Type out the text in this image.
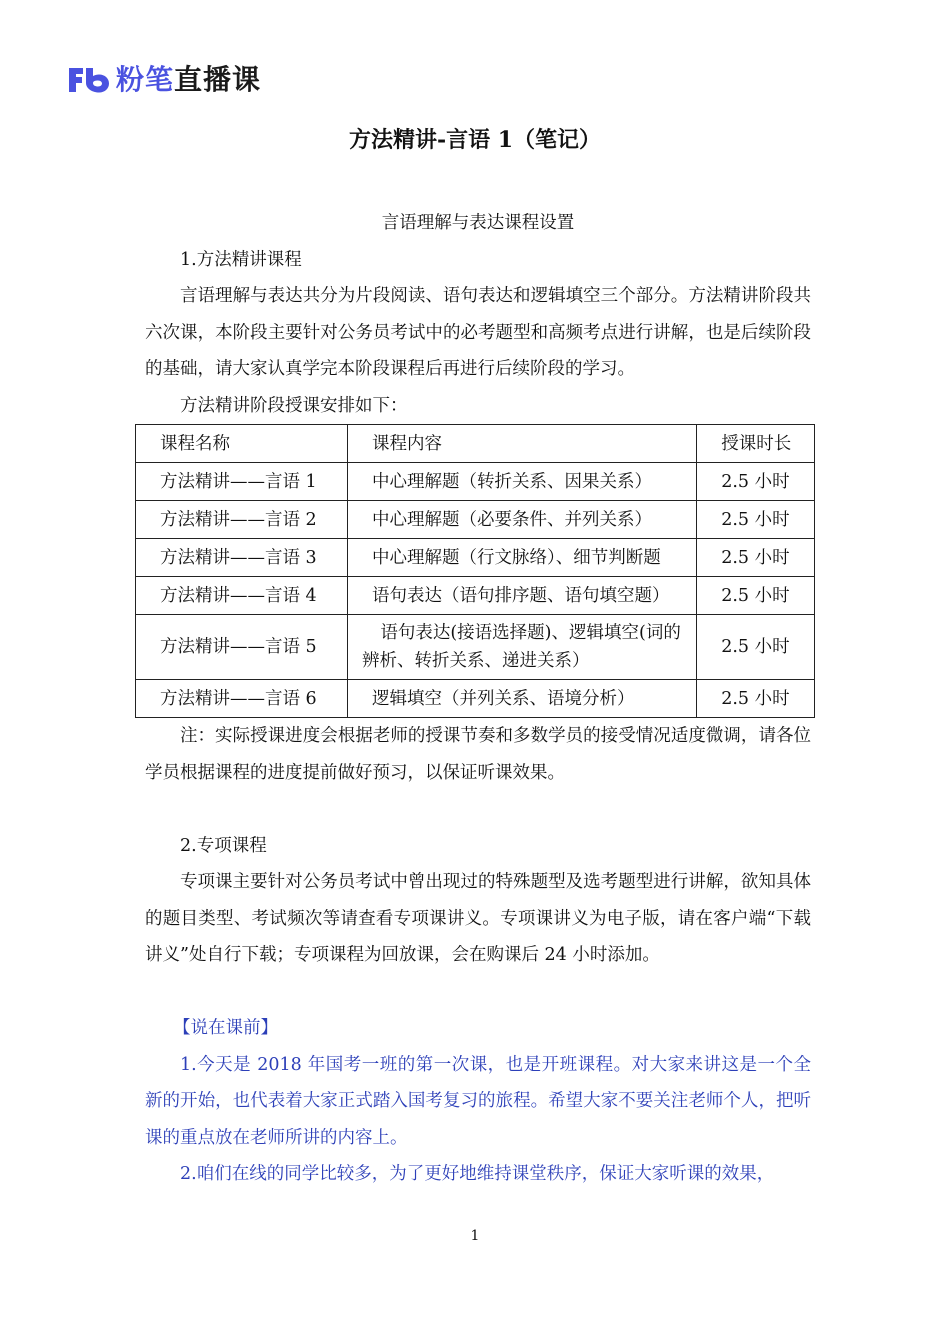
粉笔直播课
方法精讲-言语 1（笔记）

言语理解与表达课程设置

1.方法精讲课程

言语理解与表达共分为片段阅读、语句表达和逻辑填空三个部分。方法精讲阶段共六次课，本阶段主要针对公务员考试中的必考题型和高频考点进行讲解，也是后续阶段的基础，请大家认真学完本阶段课程后再进行后续阶段的学习。

方法精讲阶段授课安排如下：

课程名称	课程内容	授课时长
方法精讲——言语 1	中心理解题（转折关系、因果关系）	2.5 小时
方法精讲——言语 2	中心理解题（必要条件、并列关系）	2.5 小时
方法精讲——言语 3	中心理解题（行文脉络）、细节判断题	2.5 小时
方法精讲——言语 4	语句表达（语句排序题、语句填空题）	2.5 小时
方法精讲——言语 5	语句表达(接语选择题)、逻辑填空(词的辨析、转折关系、递进关系）	2.5 小时
方法精讲——言语 6	逻辑填空（并列关系、语境分析）	2.5 小时

注：实际授课进度会根据老师的授课节奏和多数学员的接受情况适度微调，请各位学员根据课程的进度提前做好预习，以保证听课效果。

2.专项课程

专项课主要针对公务员考试中曾出现过的特殊题型及选考题型进行讲解，欲知具体的题目类型、考试频次等请查看专项课讲义。专项课讲义为电子版，请在客户端“下载讲义”处自行下载；专项课程为回放课，会在购课后 24 小时添加。

【说在课前】

1.今天是 2018 年国考一班的第一次课，也是开班课程。对大家来讲这是一个全新的开始，也代表着大家正式踏入国考复习的旅程。希望大家不要关注老师个人，把听课的重点放在老师所讲的内容上。

2.咱们在线的同学比较多，为了更好地维持课堂秩序，保证大家听课的效果，

1
